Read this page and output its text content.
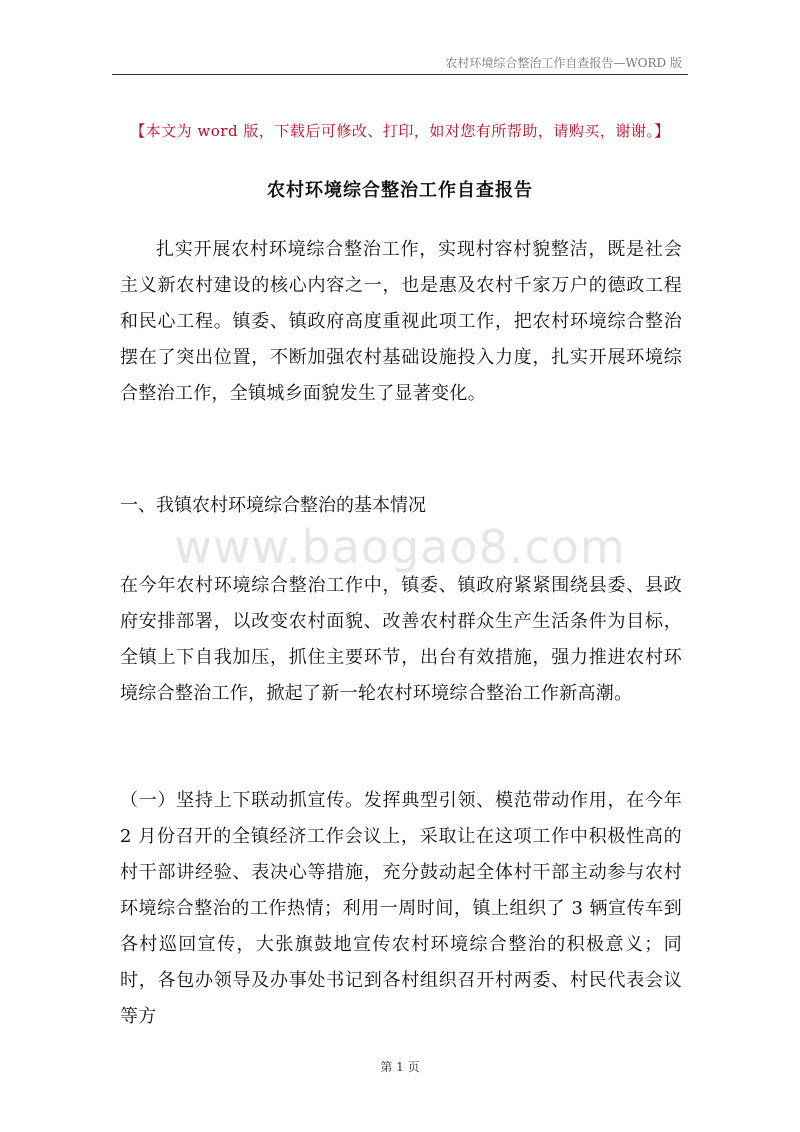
农村环境综合整治工作自查报告—WORD 版
【本文为 word 版，下载后可修改、打印，如对您有所帮助，请购买，谢谢。】
农村环境综合整治工作自查报告
扎实开展农村环境综合整治工作，实现村容村貌整洁，既是社会主义新农村建设的核心内容之一，也是惠及农村千家万户的德政工程和民心工程。镇委、镇政府高度重视此项工作，把农村环境综合整治摆在了突出位置，不断加强农村基础设施投入力度，扎实开展环境综合整治工作，全镇城乡面貌发生了显著变化。
一、我镇农村环境综合整治的基本情况
www.baogao8.com
在今年农村环境综合整治工作中，镇委、镇政府紧紧围绕县委、县政府安排部署，以改变农村面貌、改善农村群众生产生活条件为目标，全镇上下自我加压，抓住主要环节，出台有效措施，强力推进农村环境综合整治工作，掀起了新一轮农村环境综合整治工作新高潮。
（一）坚持上下联动抓宣传。发挥典型引领、模范带动作用，在今年 2 月份召开的全镇经济工作会议上，采取让在这项工作中积极性高的村干部讲经验、表决心等措施，充分鼓动起全体村干部主动参与农村环境综合整治的工作热情；利用一周时间，镇上组织了 3 辆宣传车到各村巡回宣传，大张旗鼓地宣传农村环境综合整治的积极意义；同时，各包办领导及办事处书记到各村组织召开村两委、村民代表会议等方
第 1 页
